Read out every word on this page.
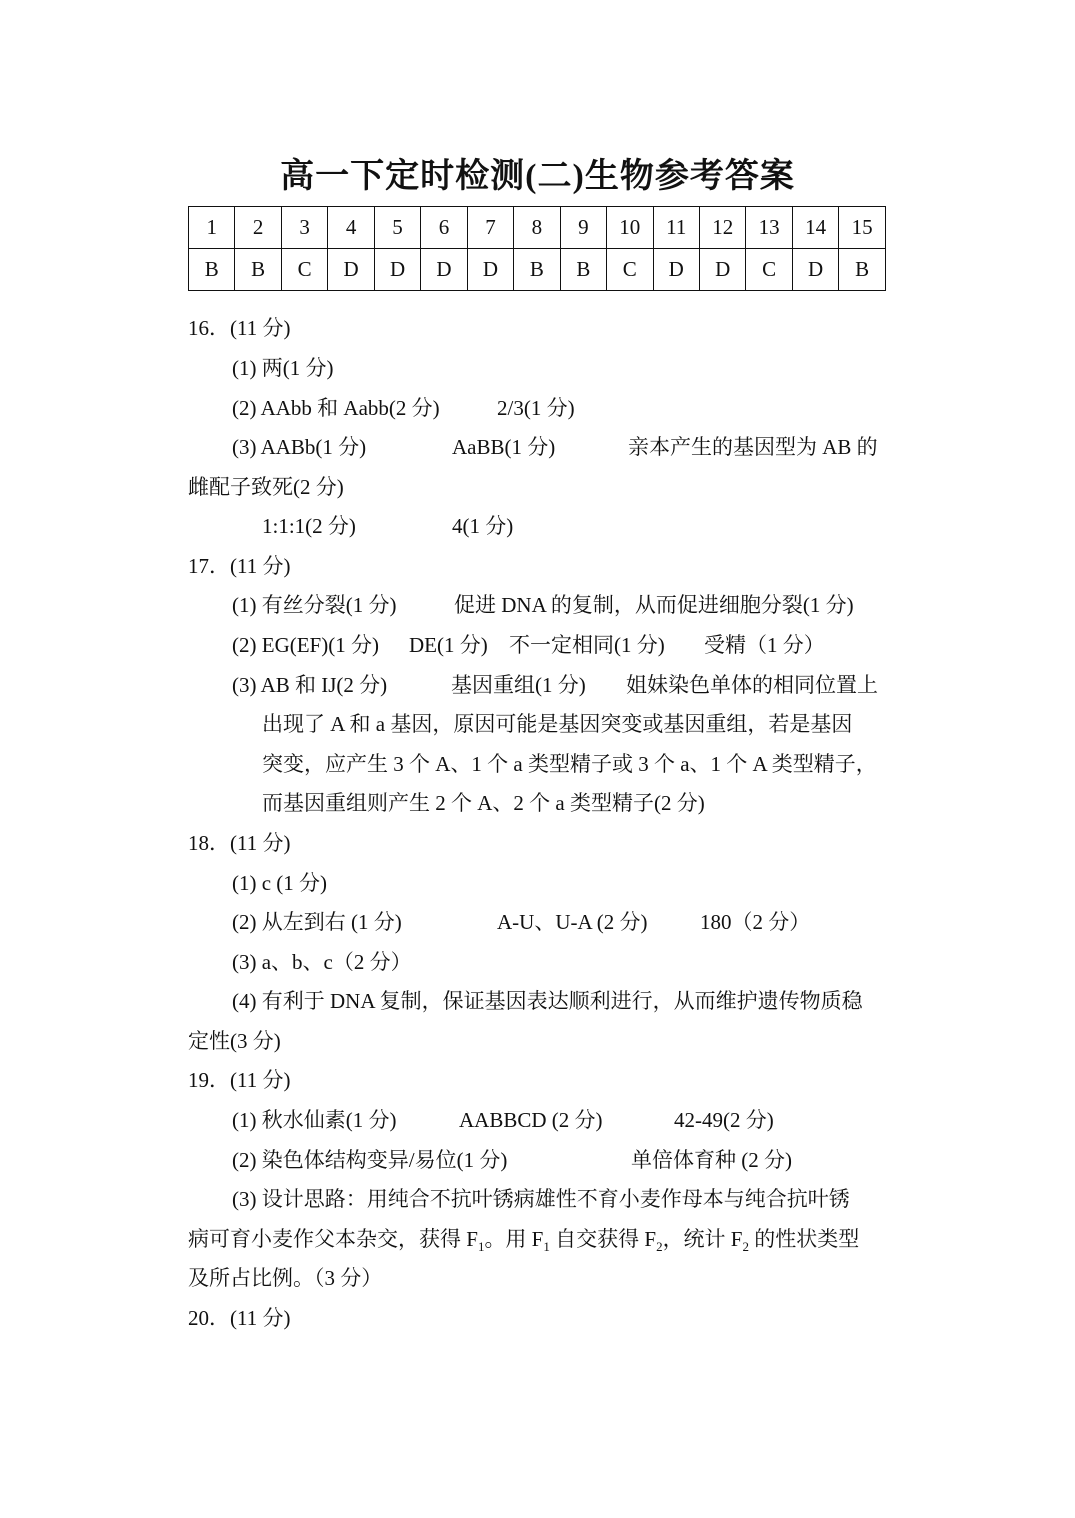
高一下定时检测(二)生物参考答案
1	2	3	4	5	6	7	8	9	10	11	12	13	14	15
B	B	C	D	D	D	D	B	B	C	D	D	C	D	B
16．(11 分)
(1) 两(1 分)
(2) AAbb 和 Aabb(2 分)	2/3(1 分)
(3) AABb(1 分)	AaBB(1 分)	亲本产生的基因型为 AB 的
雌配子致死(2 分)
1:1:1(2 分)	4(1 分)
17．(11 分)
(1) 有丝分裂(1 分)	促进 DNA 的复制，从而促进细胞分裂(1 分)
(2) EG(EF)(1 分) DE(1 分) 不一定相同(1 分) 受精（1 分）
(3) AB 和 IJ(2 分)	基因重组(1 分) 姐妹染色单体的相同位置上
出现了 A 和 a 基因，原因可能是基因突变或基因重组，若是基因
突变，应产生 3 个 A、1 个 a 类型精子或 3 个 a、1 个 A 类型精子，
而基因重组则产生 2 个 A、2 个 a 类型精子(2 分)
18．(11 分)
(1) c (1 分)
(2) 从左到右 (1 分)	A-U、U-A (2 分)	180（2 分）
(3) a、b、c（2 分）
(4) 有利于 DNA 复制，保证基因表达顺利进行，从而维护遗传物质稳
定性(3 分)
19．(11 分)
(1) 秋水仙素(1 分)	AABBCD (2 分)	42-49(2 分)
(2) 染色体结构变异/易位(1 分)	单倍体育种 (2 分)
(3) 设计思路：用纯合不抗叶锈病雄性不育小麦作母本与纯合抗叶锈
病可育小麦作父本杂交，获得 $F_1$。用 $F_1$ 自交获得 $F_2$，统计 $F_2$ 的性状类型
及所占比例。（3 分）
20．(11 分)
